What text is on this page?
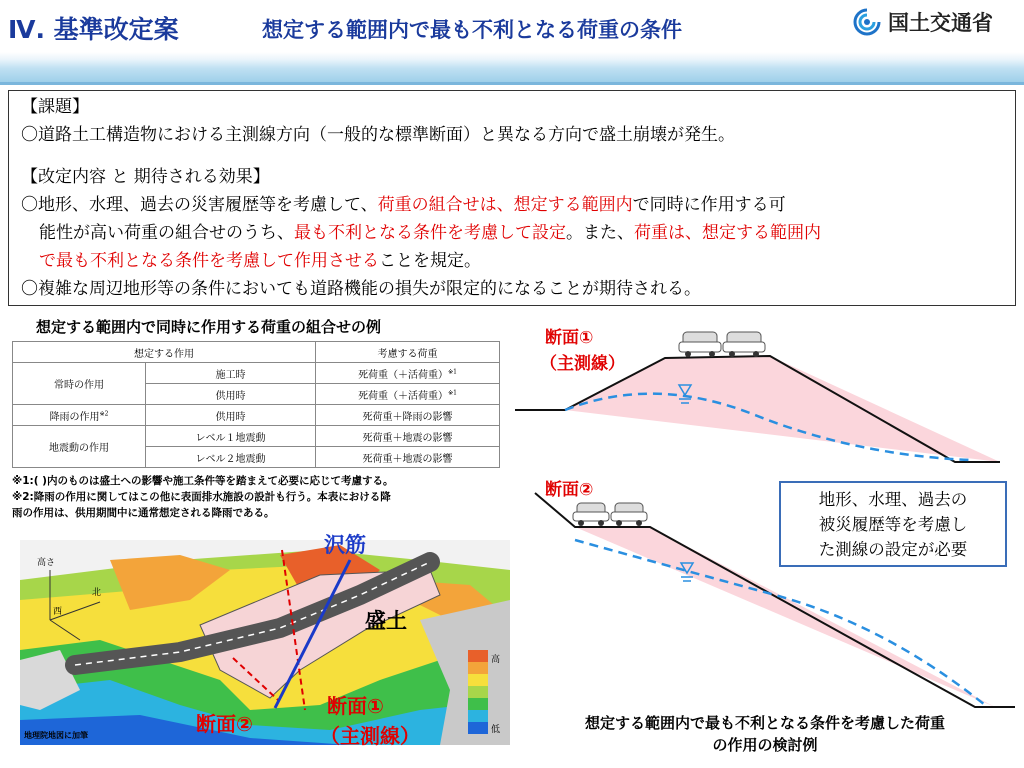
Ⅳ. 基準改定案	想定する範囲内で最も不利となる荷重の条件	国土交通省
【課題】
〇道路土工構造物における主測線方向（一般的な標準断面）と異なる方向で盛土崩壊が発生。
【改定内容 と 期待される効果】
〇地形、水理、過去の災害履歴等を考慮して、荷重の組合せは、想定する範囲内で同時に作用する可
能性が高い荷重の組合せのうち、最も不利となる条件を考慮して設定。また、荷重は、想定する範囲内
で最も不利となる条件を考慮して作用させることを規定。
〇複雑な周辺地形等の条件においても道路機能の損失が限定的になることが期待される。
想定する範囲内で同時に作用する荷重の組合せの例
想定する作用		考慮する荷重
常時の作用	施工時	死荷重（＋活荷重）$^{※1}$
	供用時	死荷重（＋活荷重）$^{※1}$
降雨の作用$^{※2}$	供用時	死荷重＋降雨の影響
地震動の作用	レベル１地震動	死荷重＋地震の影響
	レベル２地震動	死荷重＋地震の影響
※1:( )内のものは盛土への影響や施工条件等を踏まえて必要に応じて考慮する。
※2:降雨の作用に関してはこの他に表面排水施設の設計も行う。本表における降
雨の作用は、供用期間中に通常想定される降雨である。
高さ
北
西
沢筋
盛土
断面②
断面①
（主測線）
地理院地図に加筆
高
低
断面①
（主測線）
断面②	地形、水理、過去の
被災履歴等を考慮し
た測線の設定が必要
想定する範囲内で最も不利となる条件を考慮した荷重
の作用の検討例
